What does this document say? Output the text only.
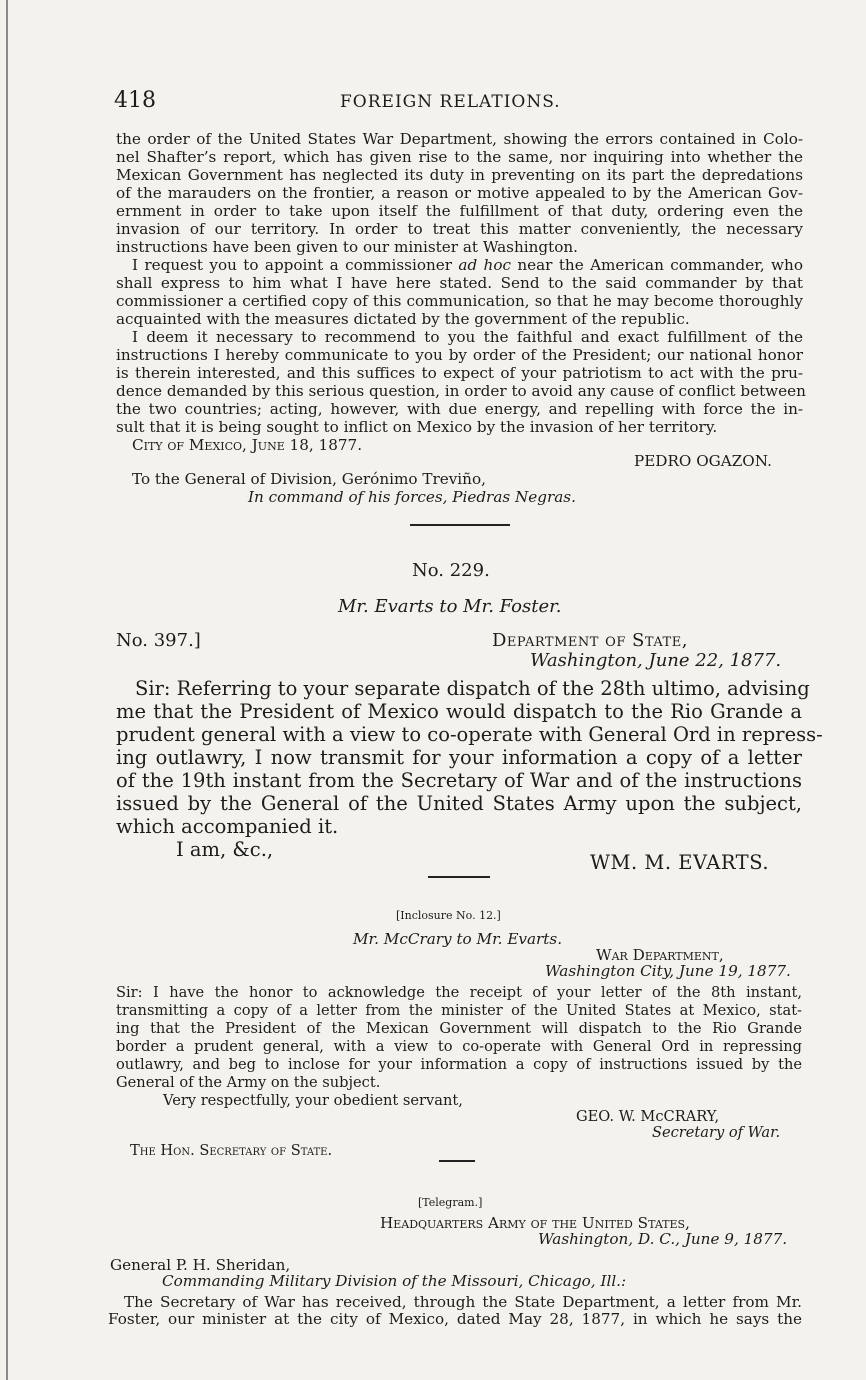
418	FOREIGN RELATIONS.
the order of the United States War Department, showing the errors contained in Colo-
nel Shafter’s report, which has given rise to the same, nor inquiring into whether the
Mexican Government has neglected its duty in preventing on its part the depredations
of the marauders on the frontier, a reason or motive appealed to by the American Gov-
ernment in order to take upon itself the fulfillment of that duty, ordering even the
invasion of our territory. In order to treat this matter conveniently, the necessary
instructions have been given to our minister at Washington.
I request you to appoint a commissioner ad hoc near the American commander, who
shall express to him what I have here stated. Send to the said commander by that
commissioner a certified copy of this communication, so that he may become thoroughly
acquainted with the measures dictated by the government of the republic.
I deem it necessary to recommend to you the faithful and exact fulfillment of the
instructions I hereby communicate to you by order of the President; our national honor
is therein interested, and this suffices to expect of your patriotism to act with the pru-
dence demanded by this serious question, in order to avoid any cause of conflict between
the two countries; acting, however, with due energy, and repelling with force the in-
sult that it is being sought to inflict on Mexico by the invasion of her territory.
City of Mexico, June 18, 1877.
PEDRO OGAZON.
To the General of Division, Gerónimo Treviño,
In command of his forces, Piedras Negras.
No. 229.
Mr. Evarts to Mr. Foster.
No. 397.]	Department of State,
Washington, June 22, 1877.
Sir: Referring to your separate dispatch of the 28th ultimo, advising
me that the President of Mexico would dispatch to the Rio Grande a
prudent general with a view to co-operate with General Ord in repress-
ing outlawry, I now transmit for your information a copy of a letter
of the 19th instant from the Secretary of War and of the instructions
issued by the General of the United States Army upon the subject,
which accompanied it.
I am, &c.,
WM. M. EVARTS.
[Inclosure No. 12.]
Mr. McCrary to Mr. Evarts.
War Department,
Washington City, June 19, 1877.
Sir: I have the honor to acknowledge the receipt of your letter of the 8th instant,
transmitting a copy of a letter from the minister of the United States at Mexico, stat-
ing that the President of the Mexican Government will dispatch to the Rio Grande
border a prudent general, with a view to co-operate with General Ord in repressing
outlawry, and beg to inclose for your information a copy of instructions issued by the
General of the Army on the subject.
Very respectfully, your obedient servant,
GEO. W. McCRARY,
Secretary of War.
The Hon. Secretary of State.
[Telegram.]
Headquarters Army of the United States,
Washington, D. C., June 9, 1877.
General P. H. Sheridan,
Commanding Military Division of the Missouri, Chicago, Ill.:
The Secretary of War has received, through the State Department, a letter from Mr.
Foster, our minister at the city of Mexico, dated May 28, 1877, in which he says the
